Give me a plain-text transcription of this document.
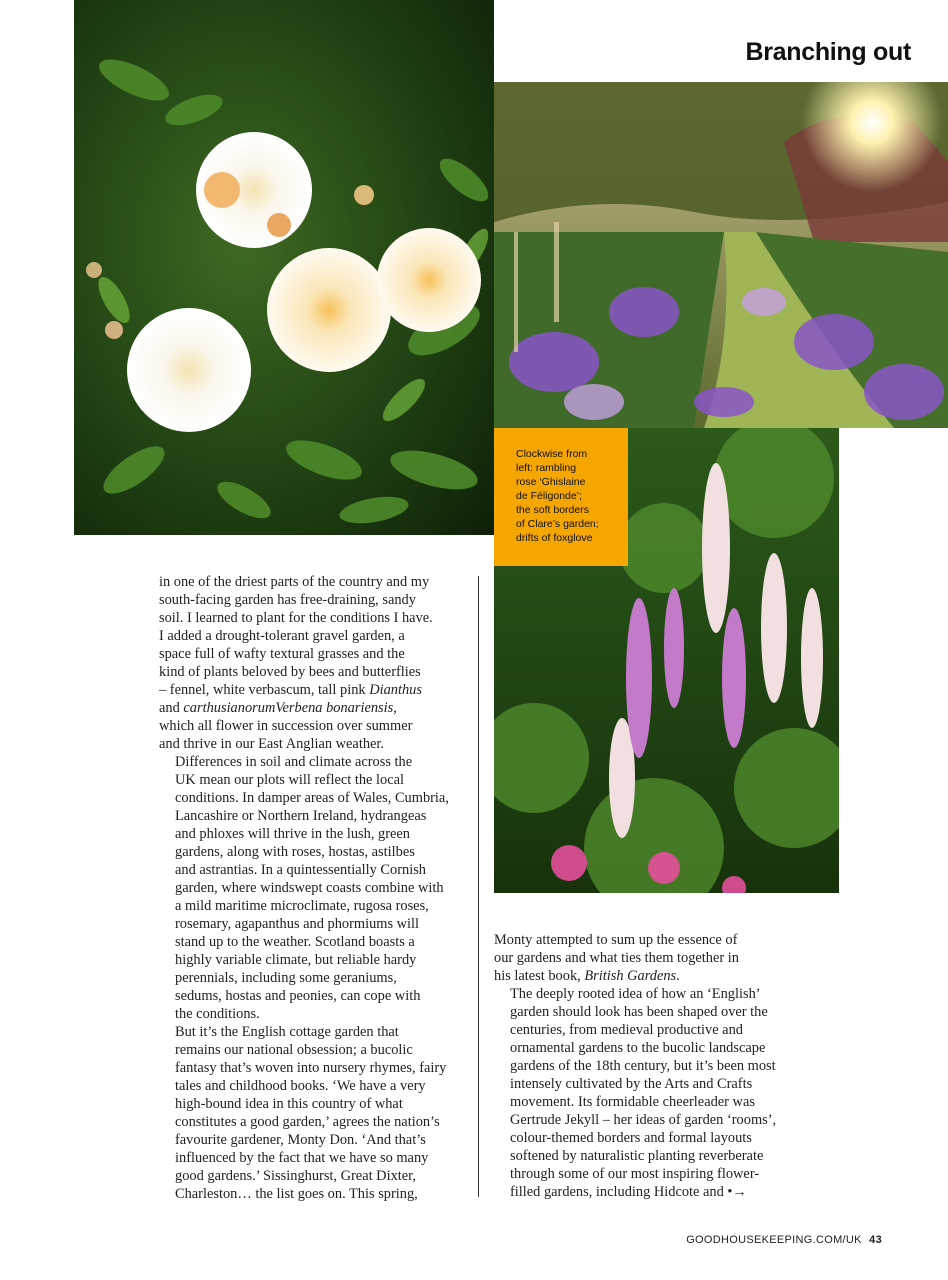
Branching out

Clockwise from
left: rambling
rose ‘Ghislaine
de Féligonde’;
the soft borders
of Clare’s garden;
drifts of foxglove

in one of the driest parts of the country and my
south-facing garden has free-draining, sandy
soil. I learned to plant for the conditions I have.
I added a drought-tolerant gravel garden, a
space full of wafty textural grasses and the
kind of plants beloved by bees and butterflies
– fennel, white verbascum, tall pink Dianthus
and carthusianorumVerbena bonariensis,
which all flower in succession over summer
and thrive in our East Anglian weather.

Differences in soil and climate across the
UK mean our plots will reflect the local
conditions. In damper areas of Wales, Cumbria,
Lancashire or Northern Ireland, hydrangeas
and phloxes will thrive in the lush, green
gardens, along with roses, hostas, astilbes
and astrantias. In a quintessentially Cornish
garden, where windswept coasts combine with
a mild maritime microclimate, rugosa roses,
rosemary, agapanthus and phormiums will
stand up to the weather. Scotland boasts a
highly variable climate, but reliable hardy
perennials, including some geraniums,
sedums, hostas and peonies, can cope with
the conditions.

But it’s the English cottage garden that
remains our national obsession; a bucolic
fantasy that’s woven into nursery rhymes, fairy
tales and childhood books. ‘We have a very
high-bound idea in this country of what
constitutes a good garden,’ agrees the nation’s
favourite gardener, Monty Don. ‘And that’s
influenced by the fact that we have so many
good gardens.’ Sissinghurst, Great Dixter,
Charleston… the list goes on. This spring,

Monty attempted to sum up the essence of
our gardens and what ties them together in
his latest book, British Gardens.

The deeply rooted idea of how an ‘English’
garden should look has been shaped over the
centuries, from medieval productive and
ornamental gardens to the bucolic landscape
gardens of the 18th century, but it’s been most
intensely cultivated by the Arts and Crafts
movement. Its formidable cheerleader was
Gertrude Jekyll – her ideas of garden ‘rooms’,
colour-themed borders and formal layouts
softened by naturalistic planting reverberate
through some of our most inspiring flower-
filled gardens, including Hidcote and •→

GOODHOUSEKEEPING.COM/UK 43
